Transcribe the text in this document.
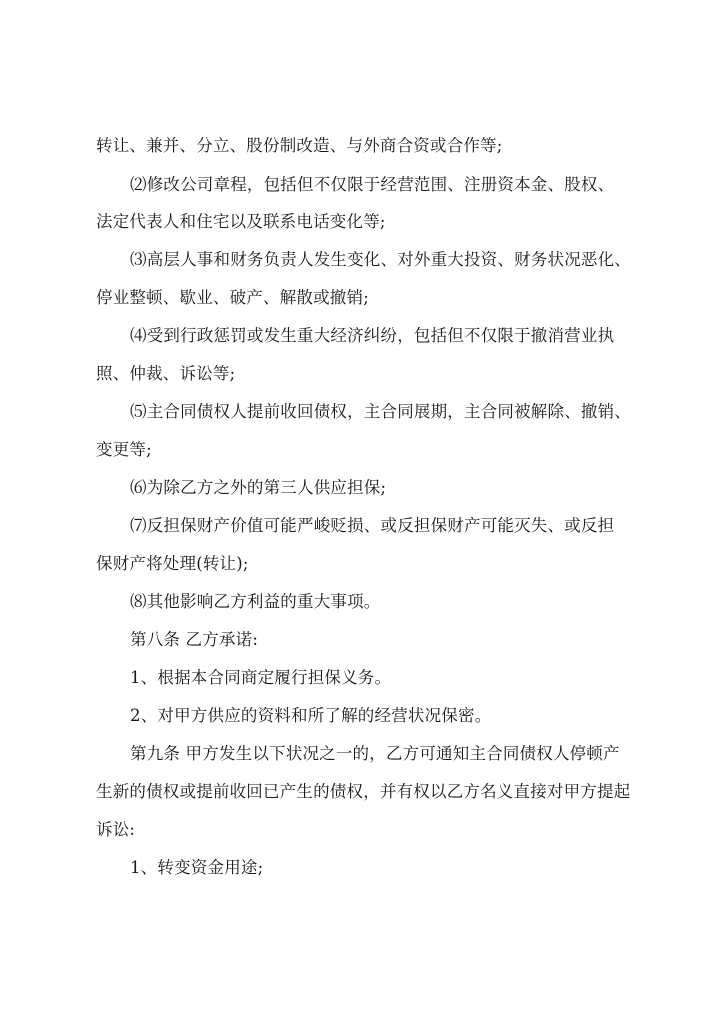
转让、兼并、分立、股份制改造、与外商合资或合作等;
⑵修改公司章程，包括但不仅限于经营范围、注册资本金、股权、
法定代表人和住宅以及联系电话变化等;
⑶高层人事和财务负责人发生变化、对外重大投资、财务状况恶化、
停业整顿、歇业、破产、解散或撤销;
⑷受到行政惩罚或发生重大经济纠纷，包括但不仅限于撤消营业执
照、仲裁、诉讼等;
⑸主合同债权人提前收回债权，主合同展期，主合同被解除、撤销、
变更等;
⑹为除乙方之外的第三人供应担保;
⑺反担保财产价值可能严峻贬损、或反担保财产可能灭失、或反担
保财产将处理(转让);
⑻其他影响乙方利益的重大事项。
第八条 乙方承诺:
1、根据本合同商定履行担保义务。
2、对甲方供应的资料和所了解的经营状况保密。
第九条 甲方发生以下状况之一的，乙方可通知主合同债权人停顿产
生新的债权或提前收回已产生的债权，并有权以乙方名义直接对甲方提起
诉讼:
1、转变资金用途;
